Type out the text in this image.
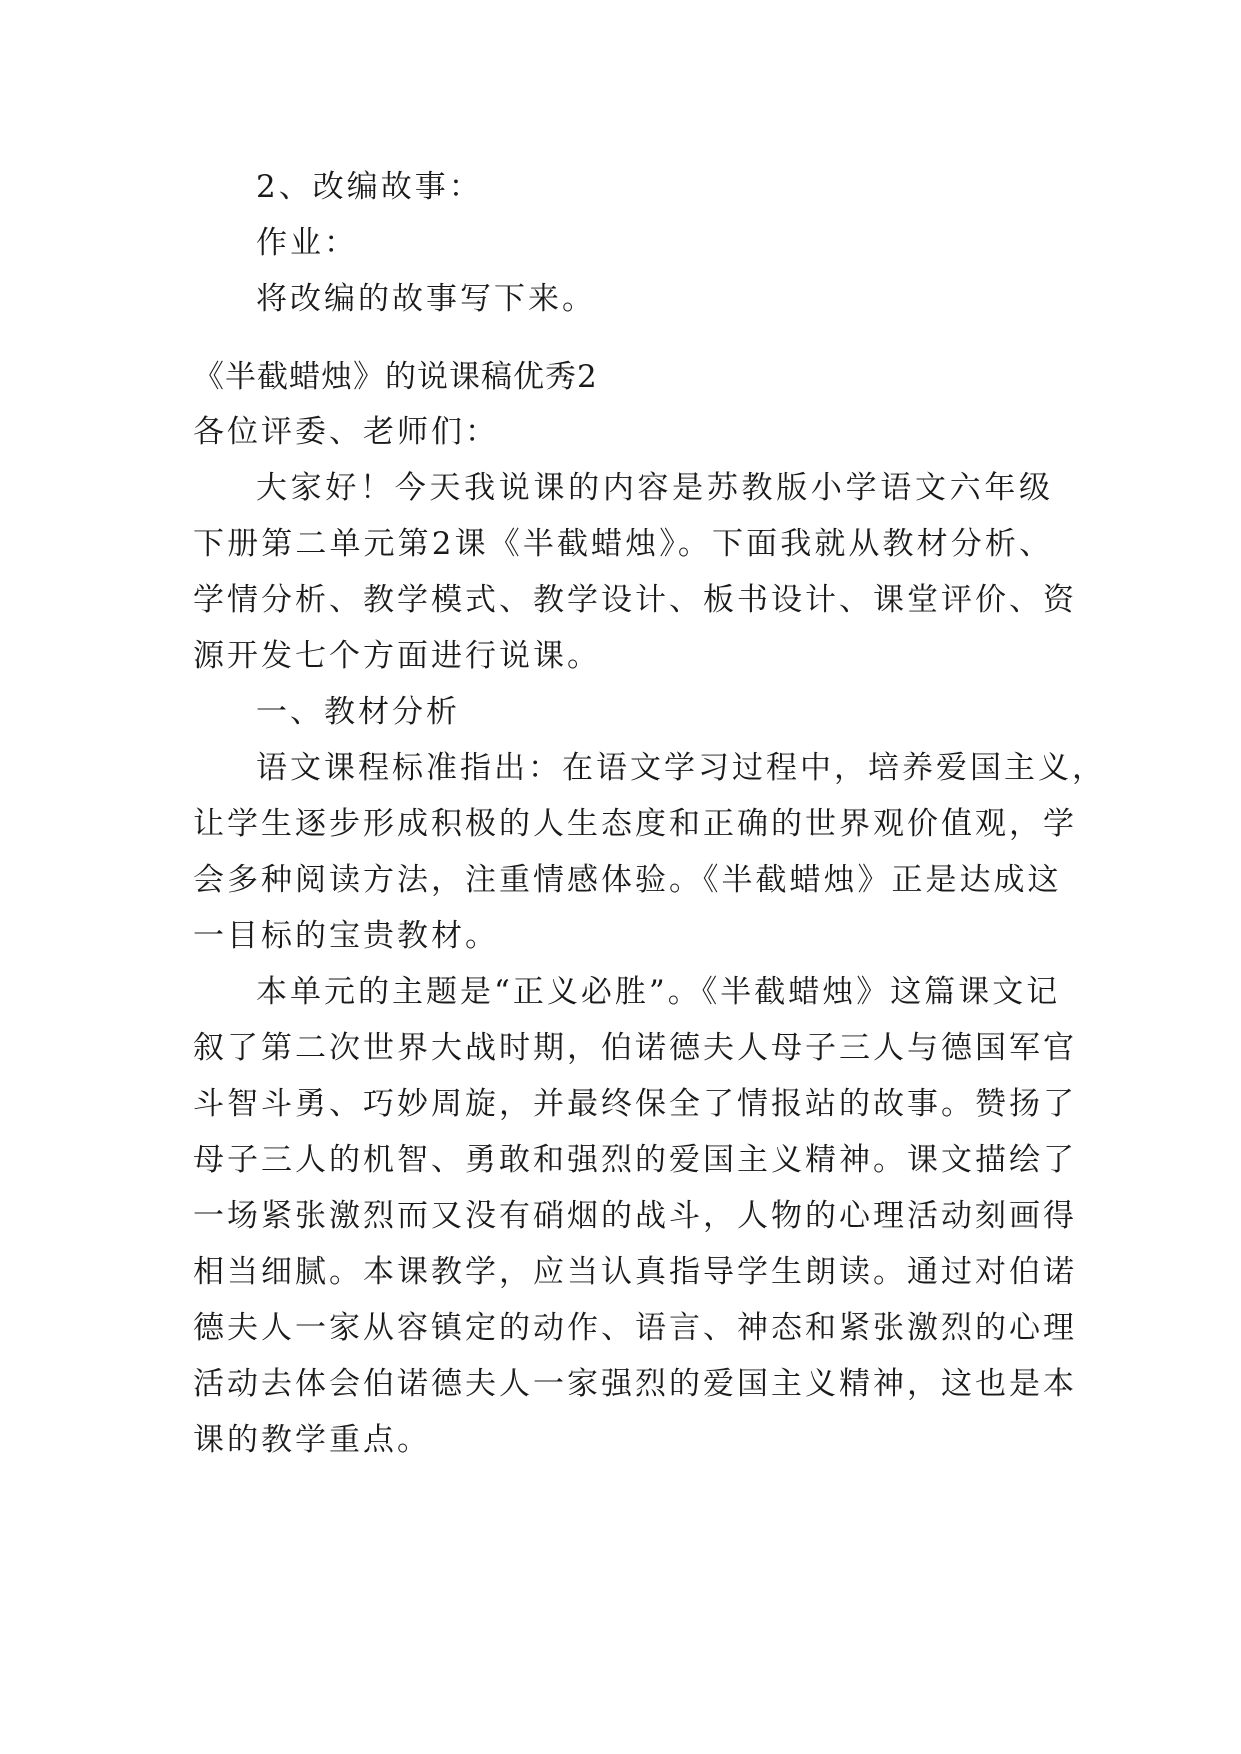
2、改编故事：
作业：
将改编的故事写下来。
《半截蜡烛》的说课稿优秀2
各位评委、老师们：
大家好！今天我说课的内容是苏教版小学语文六年级
下册第二单元第2课《半截蜡烛》。下面我就从教材分析、
学情分析、教学模式、教学设计、板书设计、课堂评价、资
源开发七个方面进行说课。
一、教材分析
语文课程标准指出：在语文学习过程中，培养爱国主义，
让学生逐步形成积极的人生态度和正确的世界观价值观，学
会多种阅读方法，注重情感体验。《半截蜡烛》正是达成这
一目标的宝贵教材。
本单元的主题是“正义必胜”。《半截蜡烛》这篇课文记
叙了第二次世界大战时期，伯诺德夫人母子三人与德国军官
斗智斗勇、巧妙周旋，并最终保全了情报站的故事。赞扬了
母子三人的机智、勇敢和强烈的爱国主义精神。课文描绘了
一场紧张激烈而又没有硝烟的战斗，人物的心理活动刻画得
相当细腻。本课教学，应当认真指导学生朗读。通过对伯诺
德夫人一家从容镇定的动作、语言、神态和紧张激烈的心理
活动去体会伯诺德夫人一家强烈的爱国主义精神，这也是本
课的教学重点。
